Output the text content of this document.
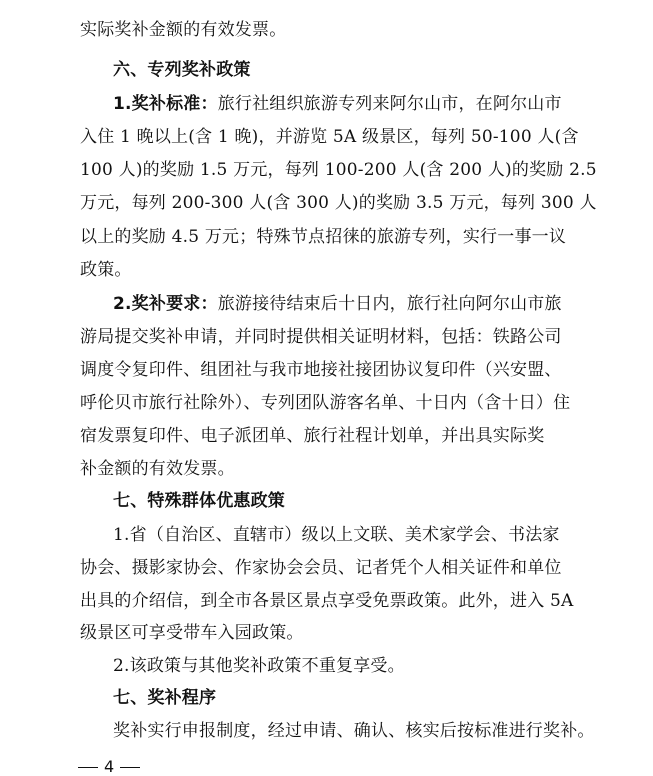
实际奖补金额的有效发票。
六、专列奖补政策
1.奖补标准：旅行社组织旅游专列来阿尔山市，在阿尔山市
入住 1 晚以上(含 1 晚)，并游览 5A 级景区，每列 50-100 人(含
100 人)的奖励 1.5 万元，每列 100-200 人(含 200 人)的奖励 2.5
万元，每列 200-300 人(含 300 人)的奖励 3.5 万元，每列 300 人
以上的奖励 4.5 万元；特殊节点招徕的旅游专列，实行一事一议
政策。
2.奖补要求：旅游接待结束后十日内，旅行社向阿尔山市旅
游局提交奖补申请，并同时提供相关证明材料，包括：铁路公司
调度令复印件、组团社与我市地接社接团协议复印件（兴安盟、
呼伦贝市旅行社除外）、专列团队游客名单、十日内（含十日）住
宿发票复印件、电子派团单、旅行社程计划单，并出具实际奖
补金额的有效发票。
七、特殊群体优惠政策
1.省（自治区、直辖市）级以上文联、美术家学会、书法家
协会、摄影家协会、作家协会会员、记者凭个人相关证件和单位
出具的介绍信，到全市各景区景点享受免票政策。此外，进入 5A
级景区可享受带车入园政策。
2.该政策与其他奖补政策不重复享受。
七、奖补程序
奖补实行申报制度，经过申请、确认、核实后按标准进行奖补。
4
